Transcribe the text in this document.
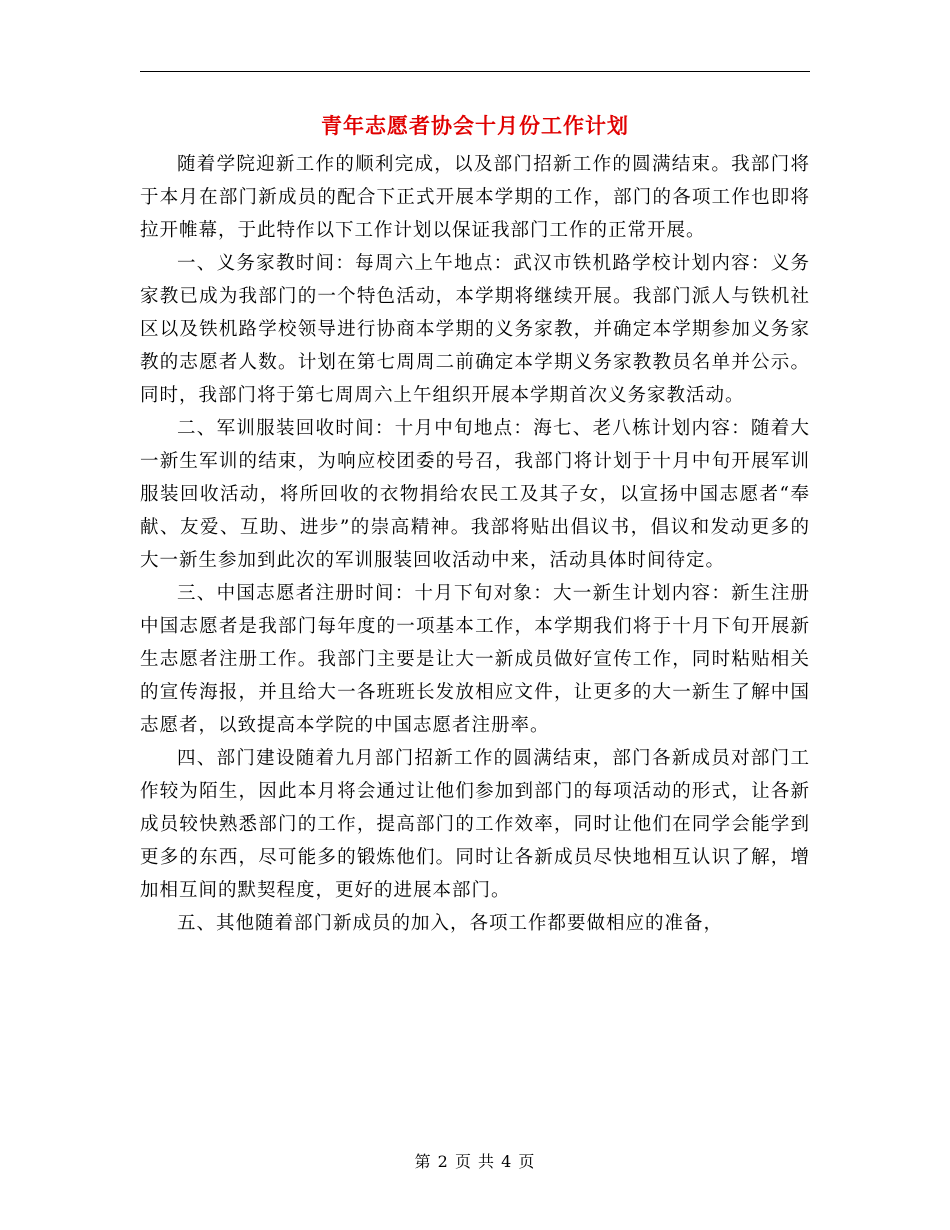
青年志愿者协会十月份工作计划

随着学院迎新工作的顺利完成，以及部门招新工作的圆满结束。我部门将于本月在部门新成员的配合下正式开展本学期的工作，部门的各项工作也即将拉开帷幕，于此特作以下工作计划以保证我部门工作的正常开展。

一、义务家教时间：每周六上午地点：武汉市铁机路学校计划内容：义务家教已成为我部门的一个特色活动，本学期将继续开展。我部门派人与铁机社区以及铁机路学校领导进行协商本学期的义务家教，并确定本学期参加义务家教的志愿者人数。计划在第七周周二前确定本学期义务家教教员名单并公示。同时，我部门将于第七周周六上午组织开展本学期首次义务家教活动。

二、军训服装回收时间：十月中旬地点：海七、老八栋计划内容：随着大一新生军训的结束，为响应校团委的号召，我部门将计划于十月中旬开展军训服装回收活动，将所回收的衣物捐给农民工及其子女，以宣扬中国志愿者“奉献、友爱、互助、进步”的崇高精神。我部将贴出倡议书，倡议和发动更多的大一新生参加到此次的军训服装回收活动中来，活动具体时间待定。

三、中国志愿者注册时间：十月下旬对象：大一新生计划内容：新生注册中国志愿者是我部门每年度的一项基本工作，本学期我们将于十月下旬开展新生志愿者注册工作。我部门主要是让大一新成员做好宣传工作，同时粘贴相关的宣传海报，并且给大一各班班长发放相应文件，让更多的大一新生了解中国志愿者，以致提高本学院的中国志愿者注册率。

四、部门建设随着九月部门招新工作的圆满结束，部门各新成员对部门工作较为陌生，因此本月将会通过让他们参加到部门的每项活动的形式，让各新成员较快熟悉部门的工作，提高部门的工作效率，同时让他们在同学会能学到更多的东西，尽可能多的锻炼他们。同时让各新成员尽快地相互认识了解，增加相互间的默契程度，更好的进展本部门。

五、其他随着部门新成员的加入，各项工作都要做相应的准备，

第 2 页 共 4 页
